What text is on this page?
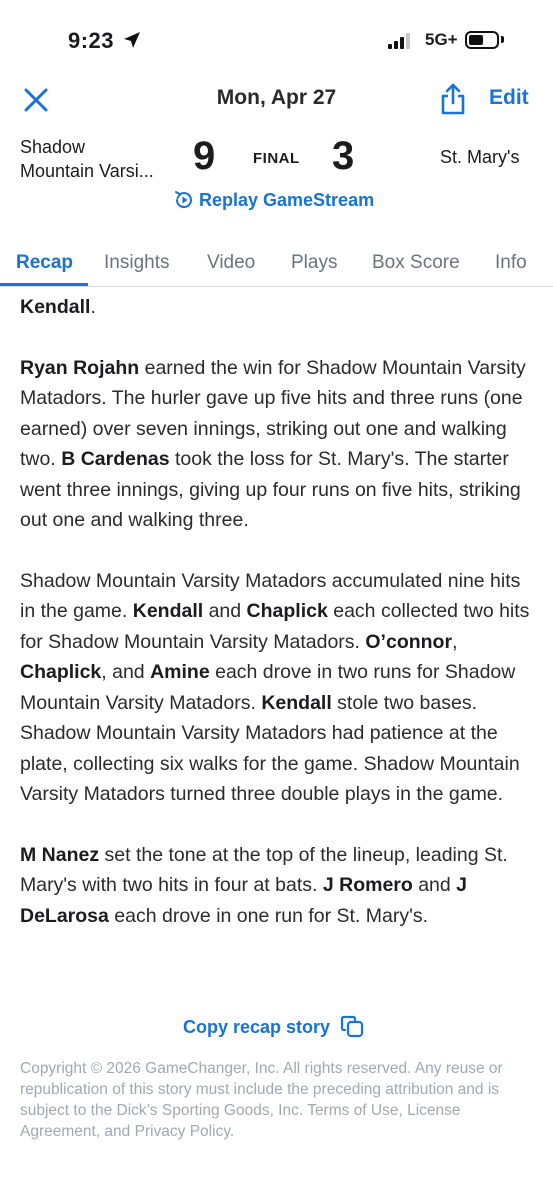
9:23	5G+
Mon, Apr 27	Edit
Shadow
Mountain Varsi... 9	FINAL 3	St. Mary's
Replay GameStream
Recap Insights Video Plays Box Score Info

Kendall.

Ryan Rojahn earned the win for Shadow Mountain Varsity Matadors. The hurler gave up five hits and three runs (one earned) over seven innings, striking out one and walking two. B Cardenas took the loss for St. Mary's. The starter went three innings, giving up four runs on five hits, striking out one and walking three.

Shadow Mountain Varsity Matadors accumulated nine hits in the game. Kendall and Chaplick each collected two hits for Shadow Mountain Varsity Matadors. O’connor, Chaplick, and Amine each drove in two runs for Shadow Mountain Varsity Matadors. Kendall stole two bases. Shadow Mountain Varsity Matadors had patience at the plate, collecting six walks for the game. Shadow Mountain Varsity Matadors turned three double plays in the game.

M Nanez set the tone at the top of the lineup, leading St. Mary's with two hits in four at bats. J Romero and J DeLarosa each drove in one run for St. Mary's.

Copy recap story
Copyright © 2026 GameChanger, Inc. All rights reserved. Any reuse or republication of this story must include the preceding attribution and is subject to the Dick’s Sporting Goods, Inc. Terms of Use, License Agreement, and Privacy Policy.
